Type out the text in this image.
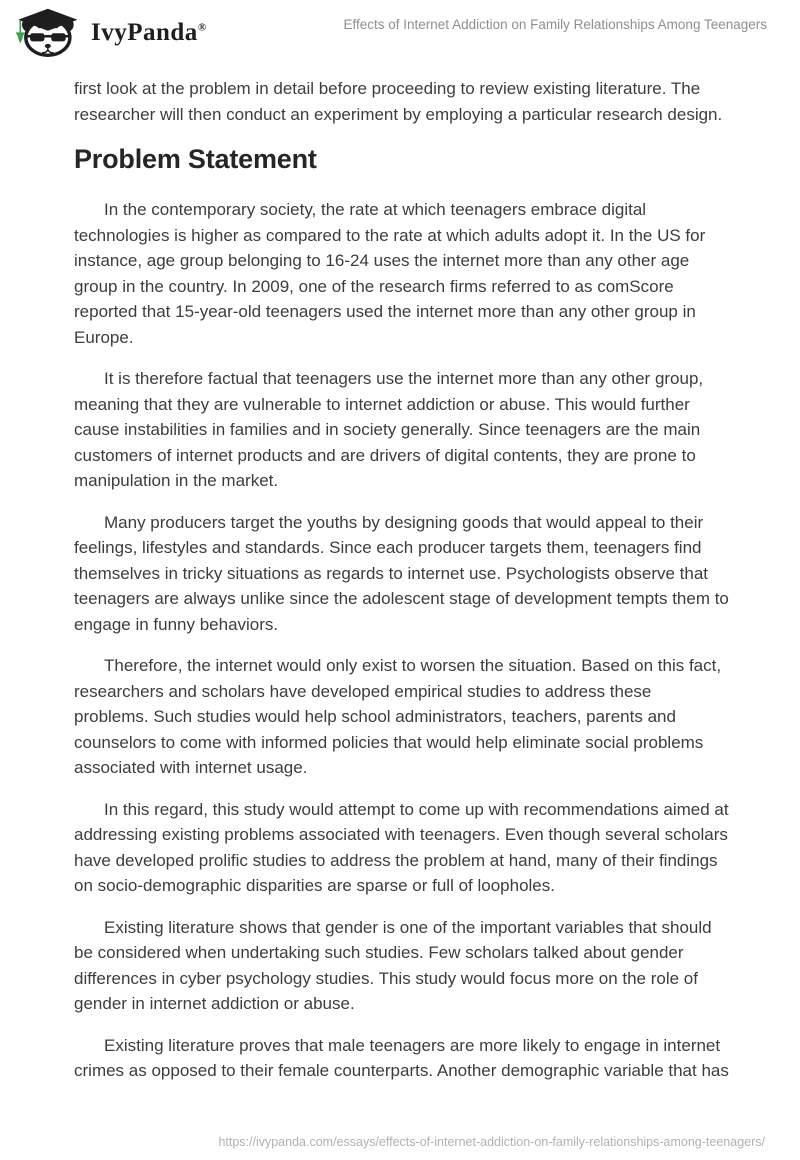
IvyPanda®	Effects of Internet Addiction on Family Relationships Among Teenagers

first look at the problem in detail before proceeding to review existing literature. The researcher will then conduct an experiment by employing a particular research design.

Problem Statement

In the contemporary society, the rate at which teenagers embrace digital technologies is higher as compared to the rate at which adults adopt it. In the US for instance, age group belonging to 16-24 uses the internet more than any other age group in the country. In 2009, one of the research firms referred to as comScore reported that 15-year-old teenagers used the internet more than any other group in Europe.

It is therefore factual that teenagers use the internet more than any other group, meaning that they are vulnerable to internet addiction or abuse. This would further cause instabilities in families and in society generally. Since teenagers are the main customers of internet products and are drivers of digital contents, they are prone to manipulation in the market.

Many producers target the youths by designing goods that would appeal to their feelings, lifestyles and standards. Since each producer targets them, teenagers find themselves in tricky situations as regards to internet use. Psychologists observe that teenagers are always unlike since the adolescent stage of development tempts them to engage in funny behaviors.

Therefore, the internet would only exist to worsen the situation. Based on this fact, researchers and scholars have developed empirical studies to address these problems. Such studies would help school administrators, teachers, parents and counselors to come with informed policies that would help eliminate social problems associated with internet usage.

In this regard, this study would attempt to come up with recommendations aimed at addressing existing problems associated with teenagers. Even though several scholars have developed prolific studies to address the problem at hand, many of their findings on socio-demographic disparities are sparse or full of loopholes.

Existing literature shows that gender is one of the important variables that should be considered when undertaking such studies. Few scholars talked about gender differences in cyber psychology studies. This study would focus more on the role of gender in internet addiction or abuse.

Existing literature proves that male teenagers are more likely to engage in internet crimes as opposed to their female counterparts. Another demographic variable that has

https://ivypanda.com/essays/effects-of-internet-addiction-on-family-relationships-among-teenagers/
